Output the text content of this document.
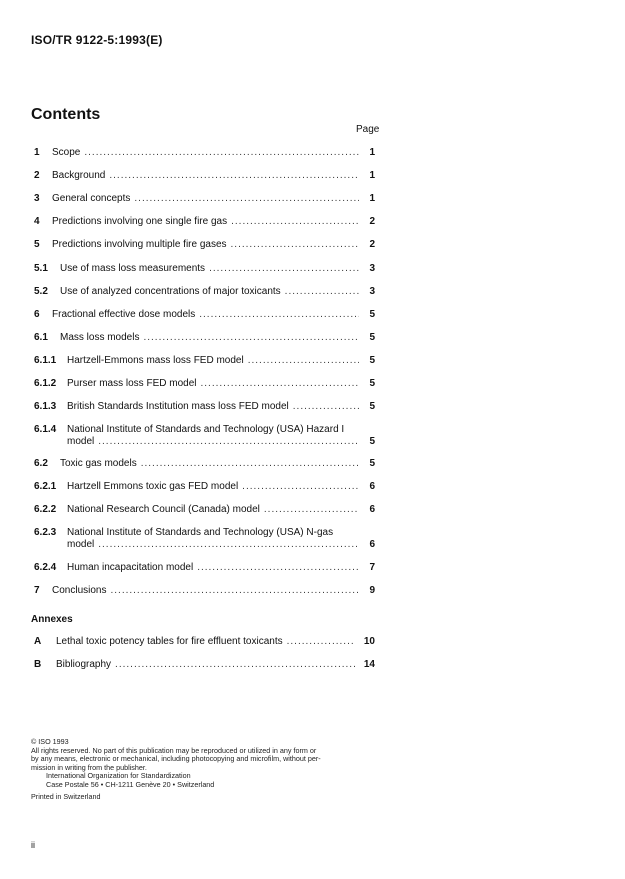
ISO/TR 9122-5:1993(E)
Contents
Page
1 Scope .....	1
2 Background .....	1
3 General concepts .....	1
4 Predictions involving one single fire gas .....	2
5 Predictions involving multiple fire gases .....	2
5.1 Use of mass loss measurements .....	3
5.2 Use of analyzed concentrations of major toxicants .....	3
6 Fractional effective dose models .....	5
6.1 Mass loss models .....	5
6.1.1 Hartzell-Emmons mass loss FED model .....	5
6.1.2 Purser mass loss FED model .....	5
6.1.3 British Standards Institution mass loss FED model .....	5
6.1.4 National Institute of Standards and Technology (USA) Hazard I
model .....	5
6.2 Toxic gas models .....	5
6.2.1 Hartzell Emmons toxic gas FED model .....	6
6.2.2 National Research Council (Canada) model .....	6
6.2.3 National Institute of Standards and Technology (USA) N-gas
model .....	6
6.2.4 Human incapacitation model .....	7
7 Conclusions .....	9
Annexes
A Lethal toxic potency tables for fire effluent toxicants .....	10
B Bibliography .....	14
© ISO 1993
All rights reserved. No part of this publication may be reproduced or utilized in any form or
by any means, electronic or mechanical, including photocopying and microfilm, without per-
mission in writing from the publisher.
International Organization for Standardization
Case Postale 56 • CH-1211 Genève 20 • Switzerland
Printed in Switzerland
ii
